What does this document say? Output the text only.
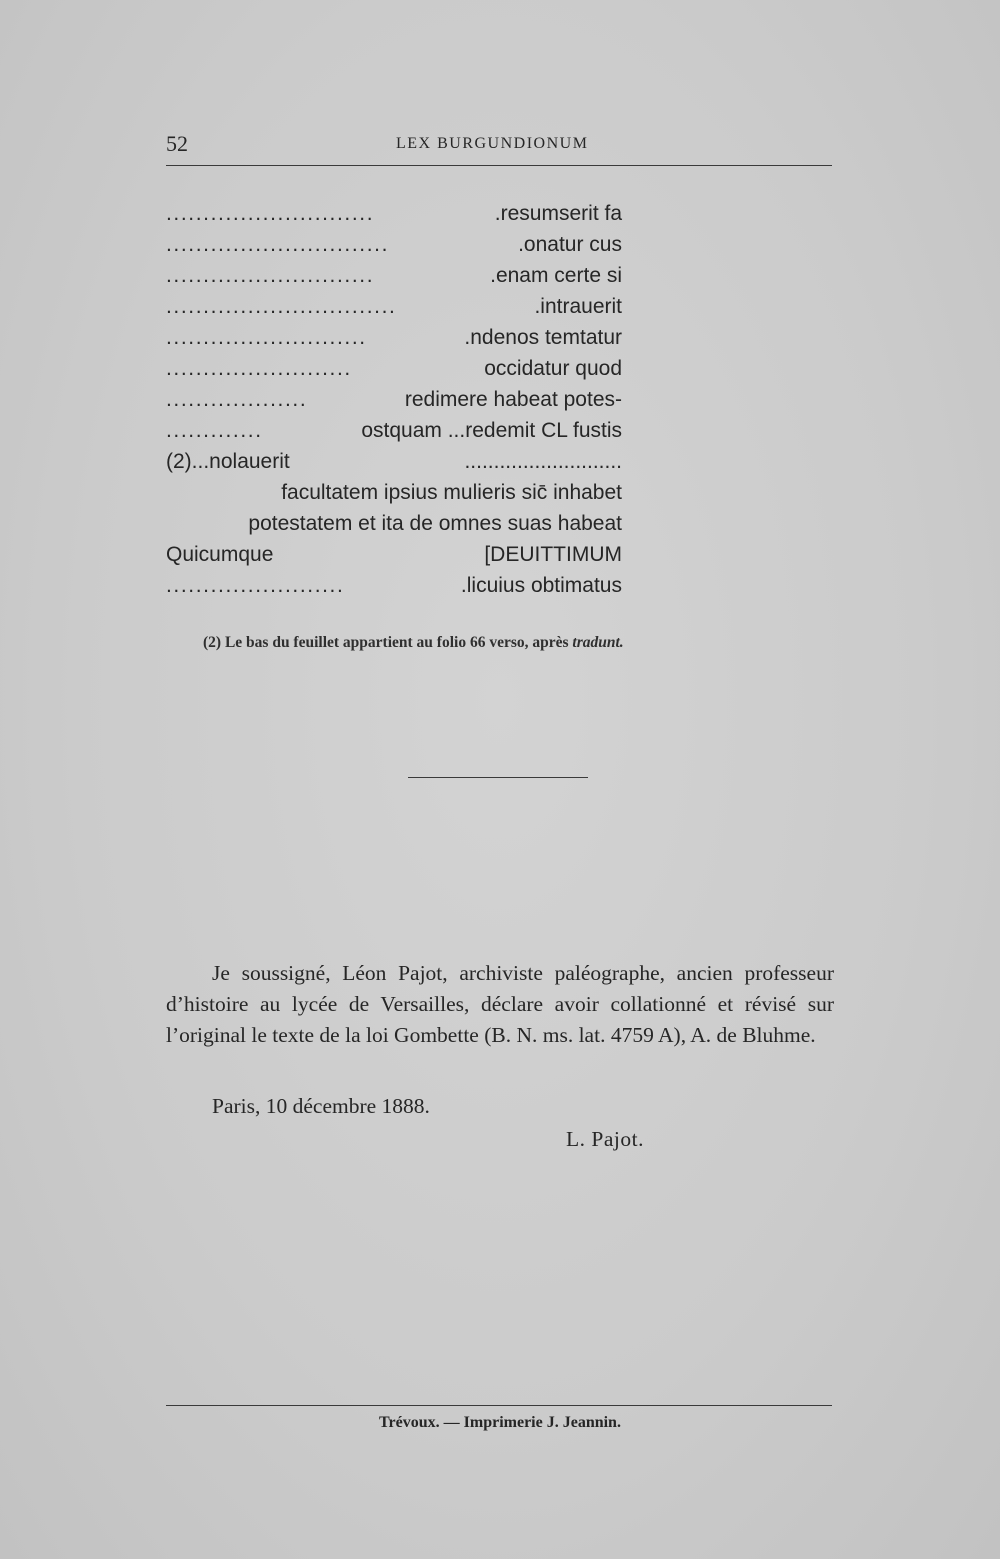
52	LEX BURGUNDIONUM
............................	.resumserit fa
..............................	.onatur cus
............................	.enam certe si
...............................	.intrauerit
...........................	.ndenos temtatur
.........................	occidatur quod
...................	redimere habeat potes-
.............	ostquam ...redemit CL fustis
(2)...nolauerit	...........................
facultatem ipsius mulieris sic̄ inhabet
potestatem et ita de omnes suas habeat
Quicumque	[DEUITTIMUM
........................	.licuius obtimatus
(2) Le bas du feuillet appartient au folio 66 verso, après tradunt.

Je soussigné, Léon Pajot, archiviste paléographe, ancien professeur d’histoire au lycée de Versailles, déclare avoir collationné et révisé sur l’original le texte de la loi Gombette (B. N. ms. lat. 4759 A), A. de Bluhme.

Paris, 10 décembre 1888.
L. Pajot.
Trévoux. — Imprimerie J. Jeannin.
